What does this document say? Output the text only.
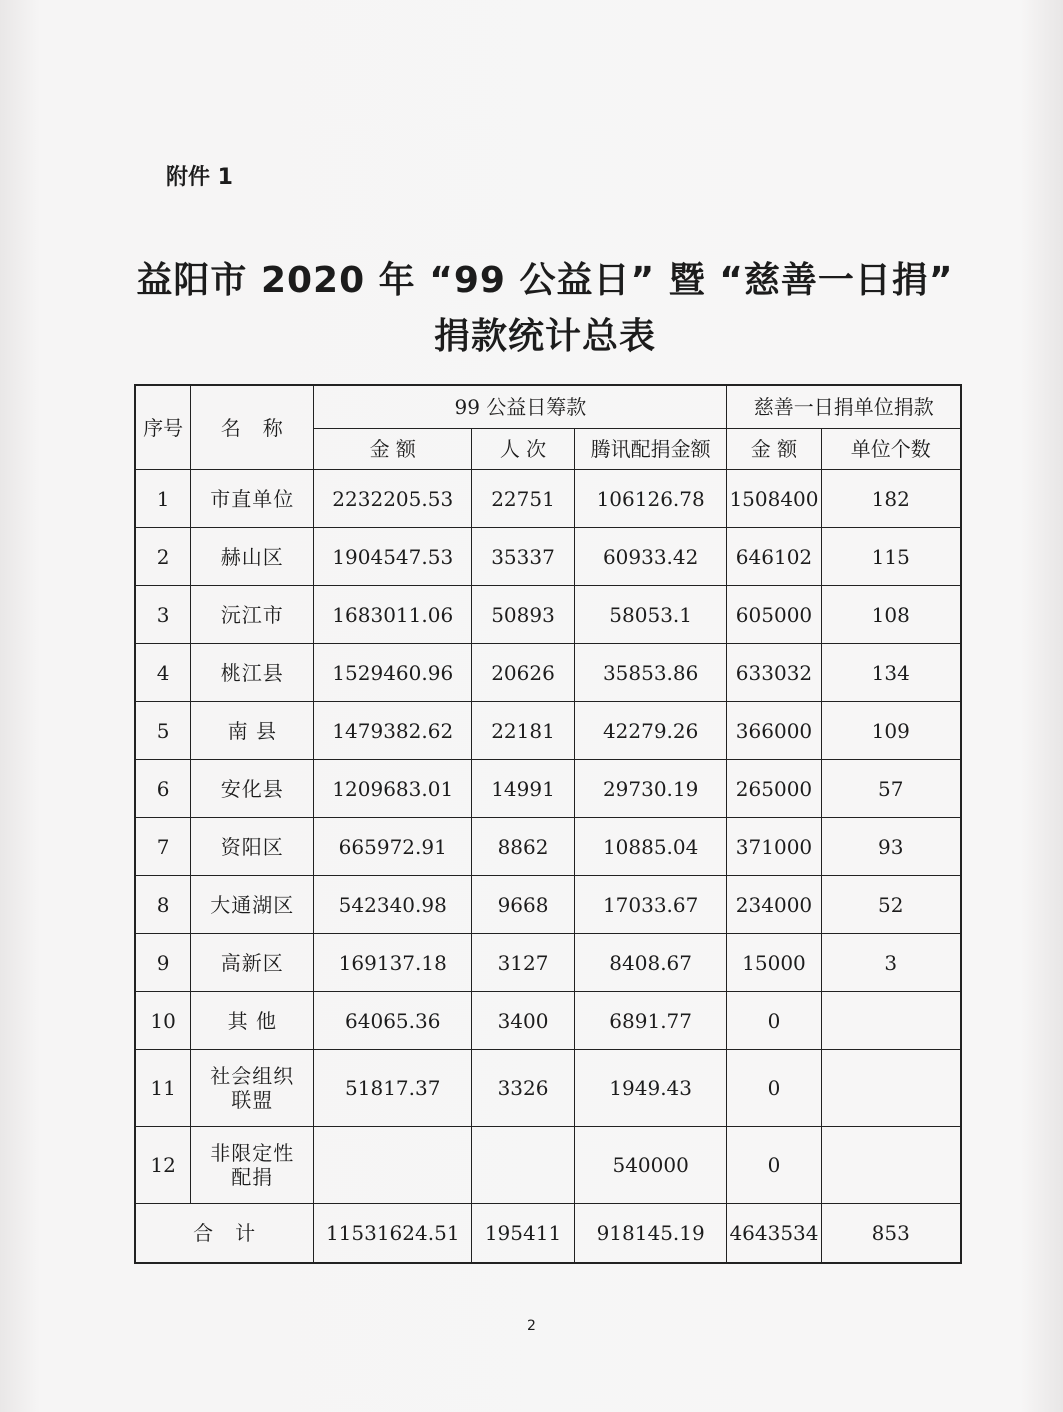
附件 1
益阳市 2020 年 “99 公益日” 暨 “慈善一日捐”
捐款统计总表
序号	名　称	99 公益日筹款			慈善一日捐单位捐款	
		金 额	人 次	腾讯配捐金额	金 额	单位个数
1	市直单位	2232205.53	22751	106126.78	1508400	182
2	赫山区	1904547.53	35337	60933.42	646102	115
3	沅江市	1683011.06	50893	58053.1	605000	108
4	桃江县	1529460.96	20626	35853.86	633032	134
5	南 县	1479382.62	22181	42279.26	366000	109
6	安化县	1209683.01	14991	29730.19	265000	57
7	资阳区	665972.91	8862	10885.04	371000	93
8	大通湖区	542340.98	9668	17033.67	234000	52
9	高新区	169137.18	3127	8408.67	15000	3
10	其 他	64065.36	3400	6891.77	0	
11	社会组织
联盟	51817.37	3326	1949.43	0	
12	非限定性
配捐			540000	0	
合　计		11531624.51	195411	918145.19	4643534	853
2
